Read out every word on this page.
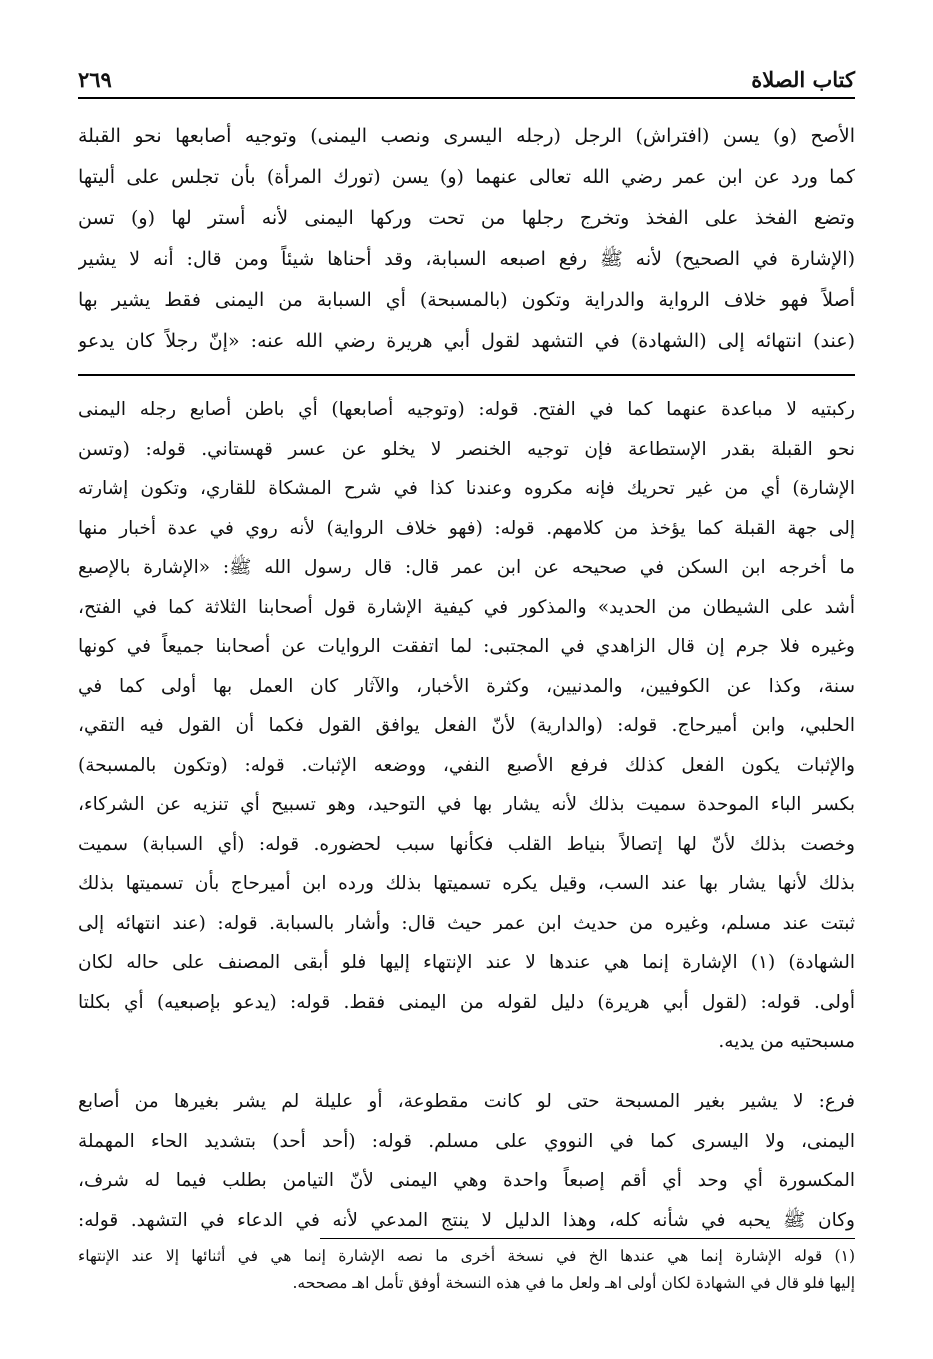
كتاب الصلاة
٢٦٩
الأصح (و) يسن (افتراش) الرجل (رجله اليسرى ونصب اليمنى) وتوجيه أصابعها نحو القبلة
كما ورد عن ابن عمر رضي الله تعالى عنهما (و) يسن (تورك المرأة) بأن تجلس على أليتها
وتضع الفخذ على الفخذ وتخرج رجلها من تحت وركها اليمنى لأنه أستر لها (و) تسن
(الإشارة في الصحيح) لأنه ﷺ رفع اصبعه السبابة، وقد أحناها شيئاً ومن قال: أنه لا يشير
أصلاً فهو خلاف الرواية والدراية وتكون (بالمسبحة) أي السبابة من اليمنى فقط يشير بها
(عند) انتهائه إلى (الشهادة) في التشهد لقول أبي هريرة رضي الله عنه: «إنّ رجلاً كان يدعو
ركبتيه لا مباعدة عنهما كما في الفتح. قوله: (وتوجيه أصابعها) أي باطن أصابع رجله اليمنى
نحو القبلة بقدر الإستطاعة فإن توجيه الخنصر لا يخلو عن عسر قهستاني. قوله: (وتسن
الإشارة) أي من غير تحريك فإنه مكروه وعندنا كذا في شرح المشكاة للقاري، وتكون إشارته
إلى جهة القبلة كما يؤخذ من كلامهم. قوله: (فهو خلاف الرواية) لأنه روي في عدة أخبار منها
ما أخرجه ابن السكن في صحيحه عن ابن عمر قال: قال رسول الله ﷺ: «الإشارة بالإصبع
أشد على الشيطان من الحديد» والمذكور في كيفية الإشارة قول أصحابنا الثلاثة كما في الفتح،
وغيره فلا جرم إن قال الزاهدي في المجتبى: لما اتفقت الروايات عن أصحابنا جميعاً في كونها
سنة، وكذا عن الكوفيين، والمدنيين، وكثرة الأخبار، والآثار كان العمل بها أولى كما في
الحلبي، وابن أميرحاج. قوله: (والدارية) لأنّ الفعل يوافق القول فكما أن القول فيه التقي،
والإثبات يكون الفعل كذلك فرفع الأصبع النفي، ووضعه الإثبات. قوله: (وتكون بالمسبحة)
بكسر الباء الموحدة سميت بذلك لأنه يشار بها في التوحيد، وهو تسبيح أي تنزيه عن الشركاء،
وخصت بذلك لأنّ لها إتصالاً بنياط القلب فكأنها سبب لحضوره. قوله: (أي السبابة) سميت
بذلك لأنها يشار بها عند السب، وقيل يكره تسميتها بذلك ورده ابن أميرحاج بأن تسميتها بذلك
ثبتت عند مسلم، وغيره من حديث ابن عمر حيث قال: وأشار بالسبابة. قوله: (عند انتهائه إلى
الشهادة) (١) الإشارة إنما هي عندها لا عند الإنتهاء إليها فلو أبقى المصنف على حاله لكان
أولى. قوله: (لقول أبي هريرة) دليل لقوله من اليمنى فقط. قوله: (يدعو بإصبعيه) أي بكلتا
مسبحتيه من يديه.
فرع: لا يشير بغير المسبحة حتى لو كانت مقطوعة، أو عليلة لم يشر بغيرها من أصابع
اليمنى، ولا اليسرى كما في النووي على مسلم. قوله: (أحد أحد) بتشديد الحاء المهملة
المكسورة أي وحد أي أقم إصبعاً واحدة وهي اليمنى لأنّ التيامن بطلب فيما له شرف،
وكان ﷺ يحبه في شأنه كله، وهذا الدليل لا ينتج المدعي لأنه في الدعاء في التشهد. قوله:
(١) قوله الإشارة إنما هي عندها الخ في نسخة أخرى ما نصه الإشارة إنما هي في أثنائها إلا عند الإنتهاء
إليها فلو قال في الشهادة لكان أولى اهـ ولعل ما في هذه النسخة أوفق تأمل اهـ مصححه.
